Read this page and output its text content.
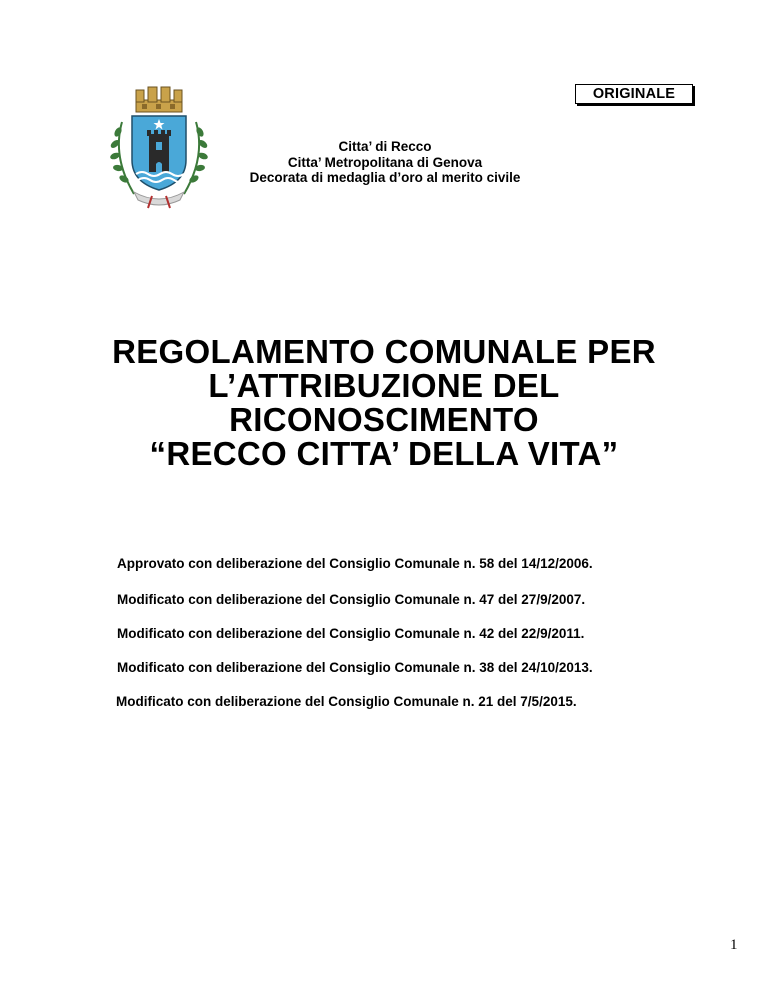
ORIGINALE
Citta’ di Recco
Citta’ Metropolitana di Genova
Decorata di medaglia d’oro al merito civile
REGOLAMENTO COMUNALE PER
L’ATTRIBUZIONE DEL
RICONOSCIMENTO
“RECCO CITTA’ DELLA VITA”
Approvato con deliberazione del Consiglio Comunale n. 58 del 14/12/2006.
Modificato con deliberazione del Consiglio Comunale n. 47 del 27/9/2007.
Modificato con deliberazione del Consiglio Comunale n. 42 del 22/9/2011.
Modificato con deliberazione del Consiglio Comunale n. 38 del 24/10/2013.
Modificato con deliberazione del Consiglio Comunale n. 21 del 7/5/2015.
1
